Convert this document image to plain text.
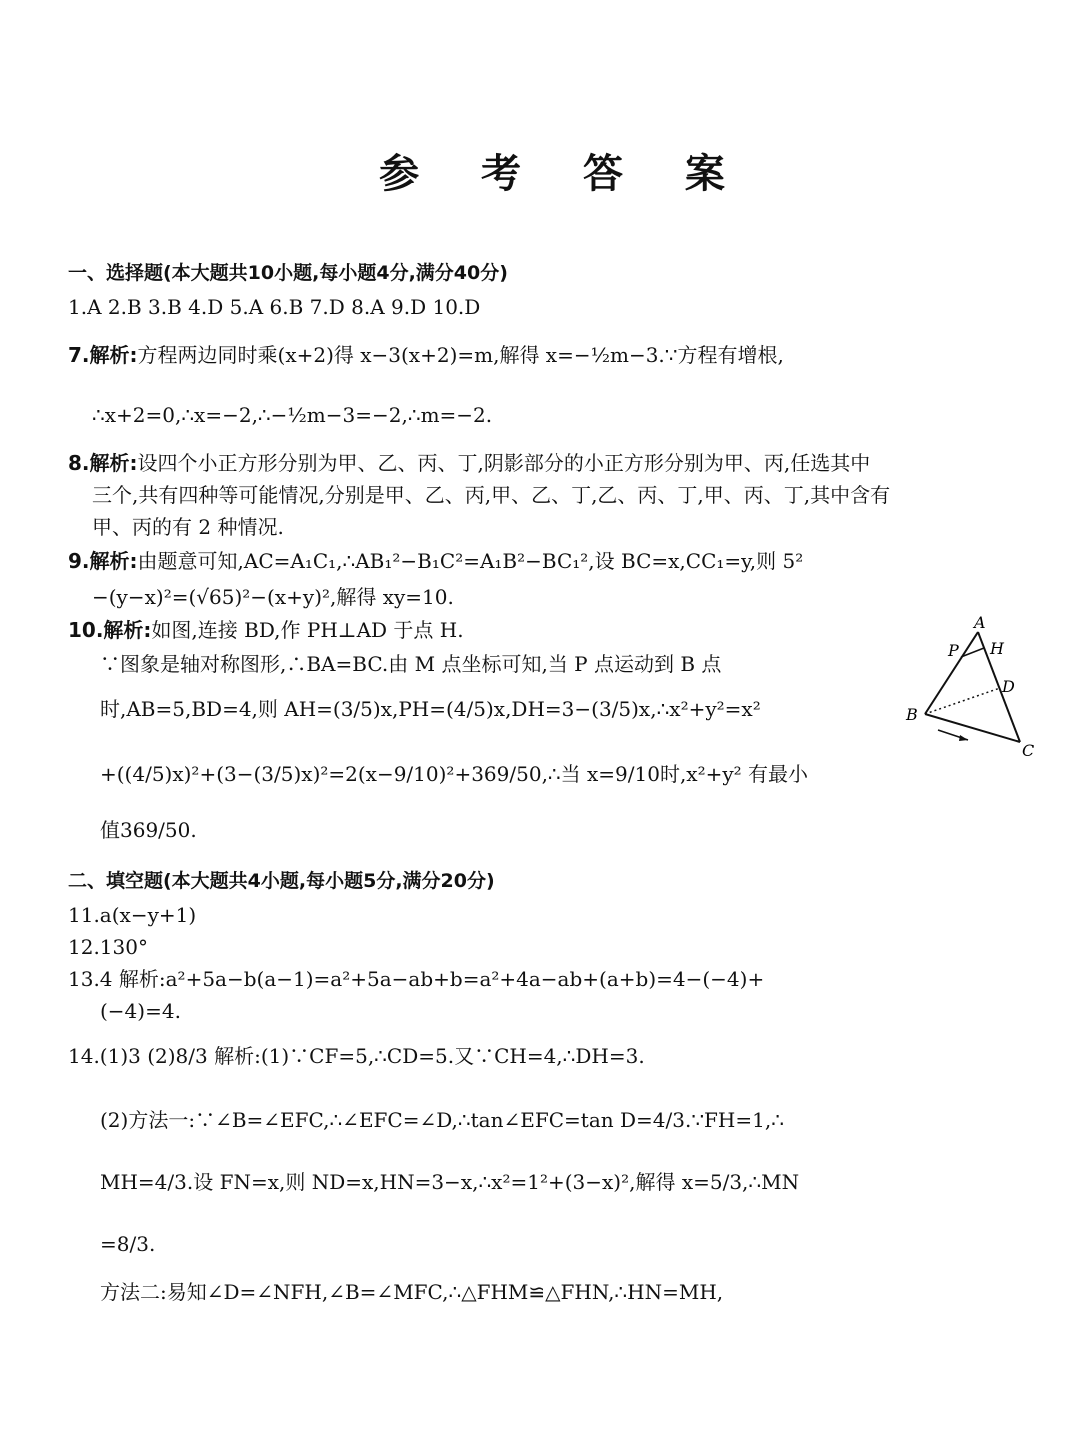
参 考 答 案
一、选择题(本大题共10小题,每小题4分,满分40分)
1.A 2.B 3.B 4.D 5.A 6.B 7.D 8.A 9.D 10.D
7.解析:方程两边同时乘(x+2)得 x−3(x+2)=m,解得 x=−½m−3.∵方程有增根,
∴x+2=0,∴x=−2,∴−½m−3=−2,∴m=−2.
8.解析:设四个小正方形分别为甲、乙、丙、丁,阴影部分的小正方形分别为甲、丙,任选其中
三个,共有四种等可能情况,分别是甲、乙、丙,甲、乙、丁,乙、丙、丁,甲、丙、丁,其中含有
甲、丙的有 2 种情况.
9.解析:由题意可知,AC=A₁C₁,∴AB₁²−B₁C²=A₁B²−BC₁²,设 BC=x,CC₁=y,则 5²
−(y−x)²=(√65)²−(x+y)²,解得 xy=10.
10.解析:如图,连接 BD,作 PH⊥AD 于点 H.
∵图象是轴对称图形,∴BA=BC.由 M 点坐标可知,当 P 点运动到 B 点
时,AB=5,BD=4,则 AH=(3/5)x,PH=(4/5)x,DH=3−(3/5)x,∴x²+y²=x²
+((4/5)x)²+(3−(3/5)x)²=2(x−9/10)²+369/50,∴当 x=9/10时,x²+y² 有最小
值369/50.
A
P H
D
B
C
二、填空题(本大题共4小题,每小题5分,满分20分)
11.a(x−y+1)
12.130°
13.4 解析:a²+5a−b(a−1)=a²+5a−ab+b=a²+4a−ab+(a+b)=4−(−4)+
(−4)=4.
14.(1)3 (2)8/3 解析:(1)∵CF=5,∴CD=5.又∵CH=4,∴DH=3.
(2)方法一:∵∠B=∠EFC,∴∠EFC=∠D,∴tan∠EFC=tan D=4/3.∵FH=1,∴
MH=4/3.设 FN=x,则 ND=x,HN=3−x,∴x²=1²+(3−x)²,解得 x=5/3,∴MN
=8/3.
方法二:易知∠D=∠NFH,∠B=∠MFC,∴△FHM≌△FHN,∴HN=MH,
